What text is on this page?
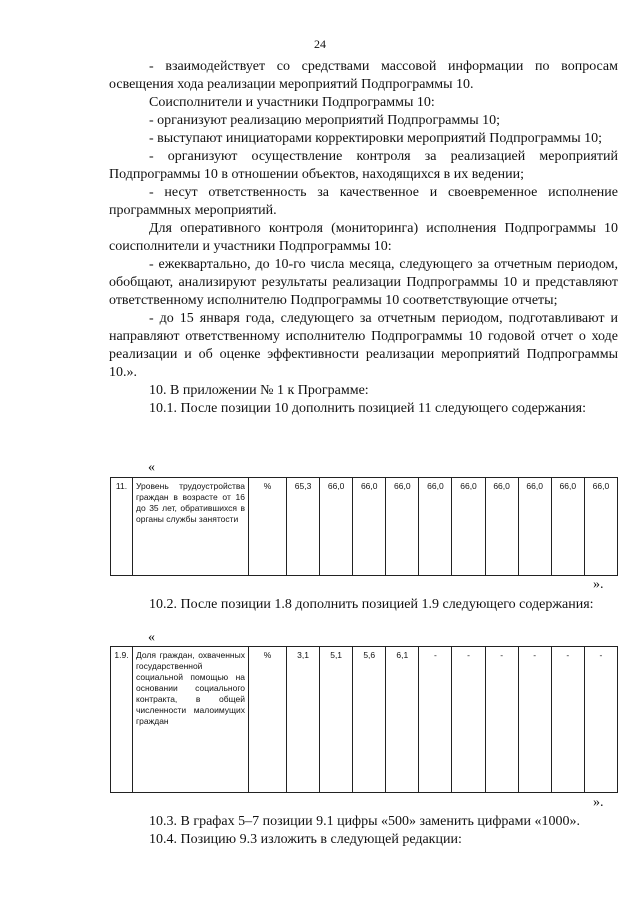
24

- взаимодействует со средствами массовой информации по вопросам освещения хода реализации мероприятий Подпрограммы 10.

Соисполнители и участники Подпрограммы 10:

- организуют реализацию мероприятий Подпрограммы 10;

- выступают инициаторами корректировки мероприятий Подпрограммы 10;

- организуют осуществление контроля за реализацией мероприятий Подпрограммы 10 в отношении объектов, находящихся в их ведении;

- несут ответственность за качественное и своевременное исполнение программных мероприятий.

Для оперативного контроля (мониторинга) исполнения Подпрограммы 10 соисполнители и участники Подпрограммы 10:

- ежеквартально, до 10-го числа месяца, следующего за отчетным периодом, обобщают, анализируют результаты реализации Подпрограммы 10 и представляют ответственному исполнителю Подпрограммы 10 соответствующие отчеты;

- до 15 января года, следующего за отчетным периодом, подготавливают и направляют ответственному исполнителю Подпрограммы 10 годовой отчет о ходе реализации и об оценке эффективности реализации мероприятий Подпрограммы 10.».

10. В приложении № 1 к Программе:

10.1. После позиции 10 дополнить позицией 11 следующего содержания:

«
11.	Уровень трудоустройства граждан в возрасте от 16 до 35 лет, обратившихся в органы службы занятости	%	65,3	66,0	66,0	66,0	66,0	66,0	66,0	66,0	66,0	66,0
».

10.2. После позиции 1.8 дополнить позицией 1.9 следующего содержания:

«
1.9.	Доля граждан, охваченных государственной социальной помощью на основании социального контракта, в общей численности малоимущих граждан	%	3,1	5,1	5,6	6,1	-	-	-	-	-	-
».

10.3. В графах 5–7 позиции 9.1 цифры «500» заменить цифрами «1000».

10.4. Позицию 9.3 изложить в следующей редакции:
